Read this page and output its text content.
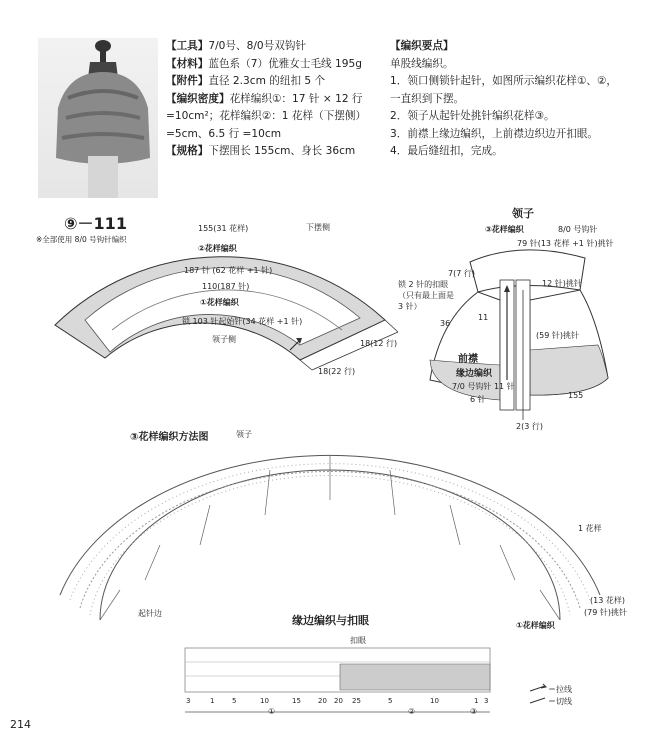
【工具】7/0号、8/0号双钩针
【材料】蓝色系（7）优雅女士毛线 195g
【附件】直径 2.3cm 的纽扣 5 个
【编织密度】花样编织①：17 针 × 12 行
=10cm²；花样编织②：1 花样（下摆侧）
=5cm、6.5 行 =10cm
【规格】下摆围长 155cm、身长 36cm
【编织要点】
单股线编织。
1．领口侧锁针起针，如图所示编织花样①、②，
一直织到下摆。
2．领子从起针处挑针编织花样③。
3．前襟上缘边编织，上前襟边织边开扣眼。
4．最后缝纽扣，完成。
⑨－111
※全部使用 8/0 号钩针编织
155(31 花样)	下摆侧
②花样编织
187 针 (62 花样 +1 针)
110(187 针)
①花样编织
锁 103 针起始针(34 花样 +1 针)
领子侧	18(12 行)
18(22 行)
领子
③花样编织	8/0 号钩针
79 针(13 花样 +1 针)挑针
7(7 行)
12 针)挑针
锁 2 针的扣眼（只有最上面是 3 针）
11
36
(59 针)挑针
前襟
缘边编织
7/0 号钩针 11 针
6 针	155
2(3 行)
③花样编织方法图	领子
1 花样
起针边
(13 花样)
(79 针)挑针
①花样编织
缘边编织与扣眼
扣眼
3	1	5	10	15 20 20 25	5	10	1 3
①	②	③
＝拉线
＝切线
214
